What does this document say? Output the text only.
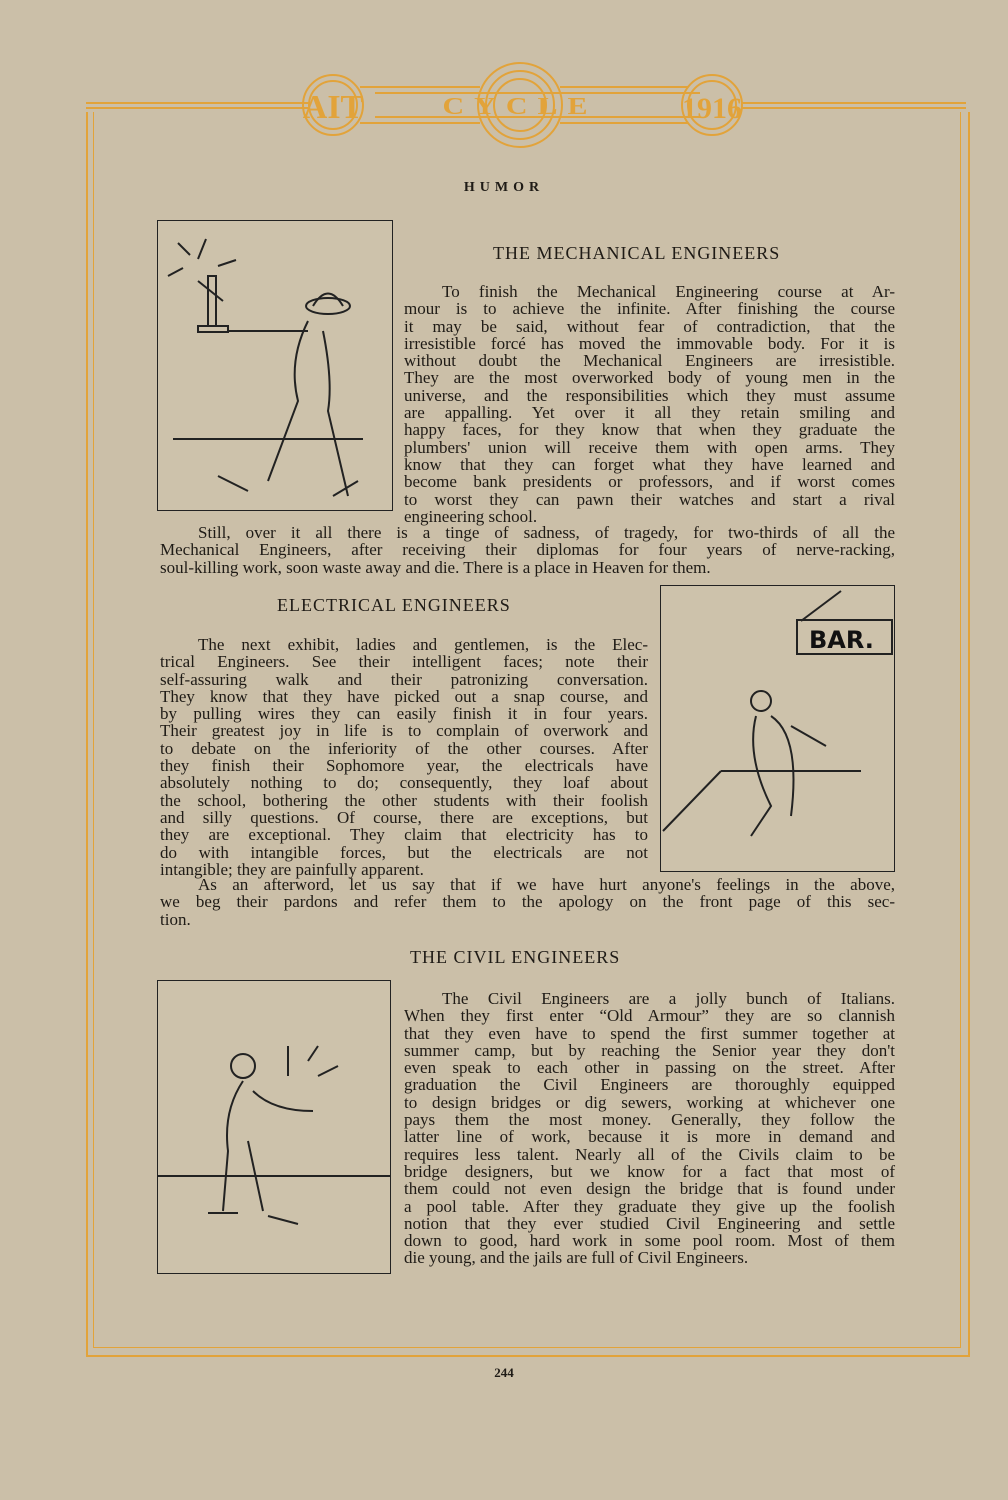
AIT	CYCLE	1916
HUMOR
THE MECHANICAL ENGINEERS
To finish the Mechanical Engineering course at Ar-
mour is to achieve the infinite. After finishing the course
it may be said, without fear of contradiction, that the
irresistible forcé has moved the immovable body. For it is
without doubt the Mechanical Engineers are irresistible.
They are the most overworked body of young men in the
universe, and the responsibilities which they must assume
are appalling. Yet over it all they retain smiling and
happy faces, for they know that when they graduate the
plumbers' union will receive them with open arms. They
know that they can forget what they have learned and
become bank presidents or professors, and if worst comes
to worst they can pawn their watches and start a rival
engineering school.
Still, over it all there is a tinge of sadness, of tragedy, for two-thirds of all the
Mechanical Engineers, after receiving their diplomas for four years of nerve-racking,
soul-killing work, soon waste away and die. There is a place in Heaven for them.
ELECTRICAL ENGINEERS
The next exhibit, ladies and gentlemen, is the Elec-
trical Engineers. See their intelligent faces; note their
self-assuring walk and their patronizing conversation.
They know that they have picked out a snap course, and
by pulling wires they can easily finish it in four years.
Their greatest joy in life is to complain of overwork and
to debate on the inferiority of the other courses. After
they finish their Sophomore year, the electricals have
absolutely nothing to do; consequently, they loaf about
the school, bothering the other students with their foolish
and silly questions. Of course, there are exceptions, but
they are exceptional. They claim that electricity has to
do with intangible forces, but the electricals are not
intangible; they are painfully apparent.
BAR.
As an afterword, let us say that if we have hurt anyone's feelings in the above,
we beg their pardons and refer them to the apology on the front page of this sec-
tion.
THE CIVIL ENGINEERS
The Civil Engineers are a jolly bunch of Italians.
When they first enter “Old Armour” they are so clannish
that they even have to spend the first summer together at
summer camp, but by reaching the Senior year they don't
even speak to each other in passing on the street. After
graduation the Civil Engineers are thoroughly equipped
to design bridges or dig sewers, working at whichever one
pays them the most money. Generally, they follow the
latter line of work, because it is more in demand and
requires less talent. Nearly all of the Civils claim to be
bridge designers, but we know for a fact that most of
them could not even design the bridge that is found under
a pool table. After they graduate they give up the foolish
notion that they ever studied Civil Engineering and settle
down to good, hard work in some pool room. Most of them
die young, and the jails are full of Civil Engineers.
244
